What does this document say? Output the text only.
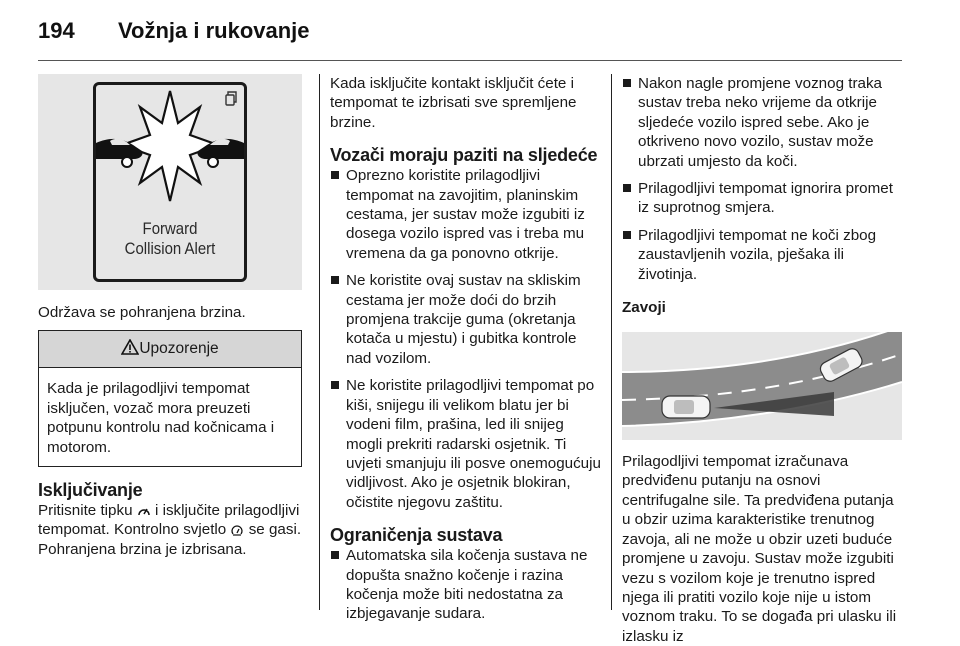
194 Vožnja i rukovanje
Forward
Collision Alert

Održava se pohranjena brzina.

Upozorenje
Kada je prilagodljivi tempomat isključen, vozač mora preuzeti potpunu kontrolu nad kočnicama i motorom.
Isključivanje

Pritisnite tipku  i isključite prilagodljivi tempomat. Kontrolno svjetlo  se gasi. Pohranjena brzina je izbrisana.

Kada isključite kontakt isključit ćete i tempomat te izbrisati sve spremljene brzine.

Vozači moraju paziti na sljedeće
Oprezno koristite prilagodljivi tempomat na zavojitim, planinskim cestama, jer sustav može izgubiti iz dosega vozilo ispred vas i treba mu vremena da ga ponovno otkrije.
Ne koristite ovaj sustav na skliskim cestama jer može doći do brzih promjena trakcije guma (okretanja kotača u mjestu) i gubitka kontrole nad vozilom.
Ne koristite prilagodljivi tempomat po kiši, snijegu ili velikom blatu jer bi vodeni film, prašina, led ili snijeg mogli prekriti radarski osjetnik. Ti uvjeti smanjuju ili posve onemogućuju vidljivost. Ako je osjetnik blokiran, očistite njegovu zaštitu.
Ograničenja sustava
Automatska sila kočenja sustava ne dopušta snažno kočenje i razina kočenja može biti nedostatna za izbjegavanje sudara.
Nakon nagle promjene voznog traka sustav treba neko vrijeme da otkrije sljedeće vozilo ispred sebe. Ako je otkriveno novo vozilo, sustav može ubrzati umjesto da koči.
Prilagodljivi tempomat ignorira promet iz suprotnog smjera.
Prilagodljivi tempomat ne koči zbog zaustavljenih vozila, pješaka ili životinja.
Zavoji

Prilagodljivi tempomat izračunava predviđenu putanju na osnovi centrifugalne sile. Ta predviđena putanja u obzir uzima karakteristike trenutnog zavoja, ali ne može u obzir uzeti buduće promjene u zavoju. Sustav može izgubiti vezu s vozilom koje je trenutno ispred njega ili pratiti vozilo koje nije u istom voznom traku. To se događa pri ulasku ili izlasku iz
